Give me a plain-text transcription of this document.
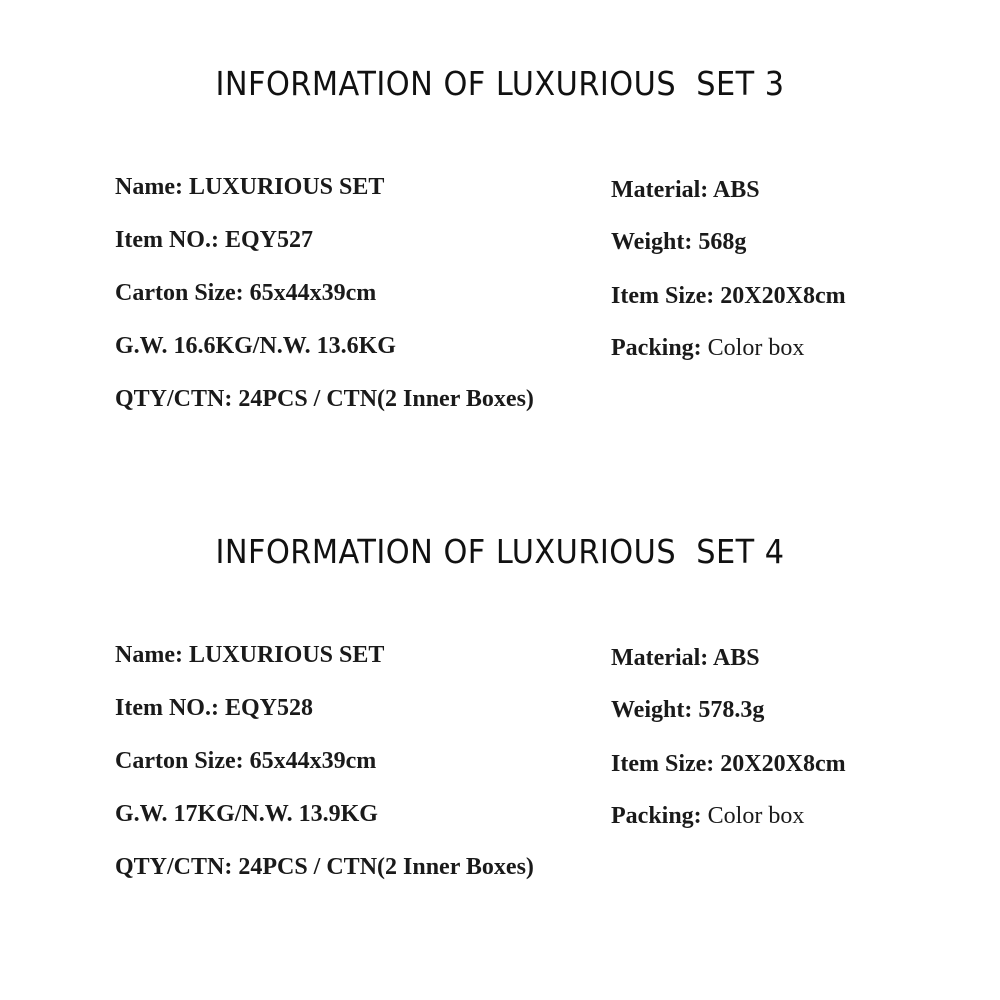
INFORMATION OF LUXURIOUS  SET 3
Name: LUXURIOUS SET
Item NO.: EQY527
Carton Size: 65x44x39cm
G.W. 16.6KG/N.W. 13.6KG
QTY/CTN: 24PCS / CTN(2 Inner Boxes)
Material: ABS
Weight: 568g
Item Size: 20X20X8cm
Packing: Color box
INFORMATION OF LUXURIOUS  SET 4
Name: LUXURIOUS SET
Item NO.: EQY528
Carton Size: 65x44x39cm
G.W. 17KG/N.W. 13.9KG
QTY/CTN: 24PCS / CTN(2 Inner Boxes)
Material: ABS
Weight: 578.3g
Item Size: 20X20X8cm
Packing: Color box
